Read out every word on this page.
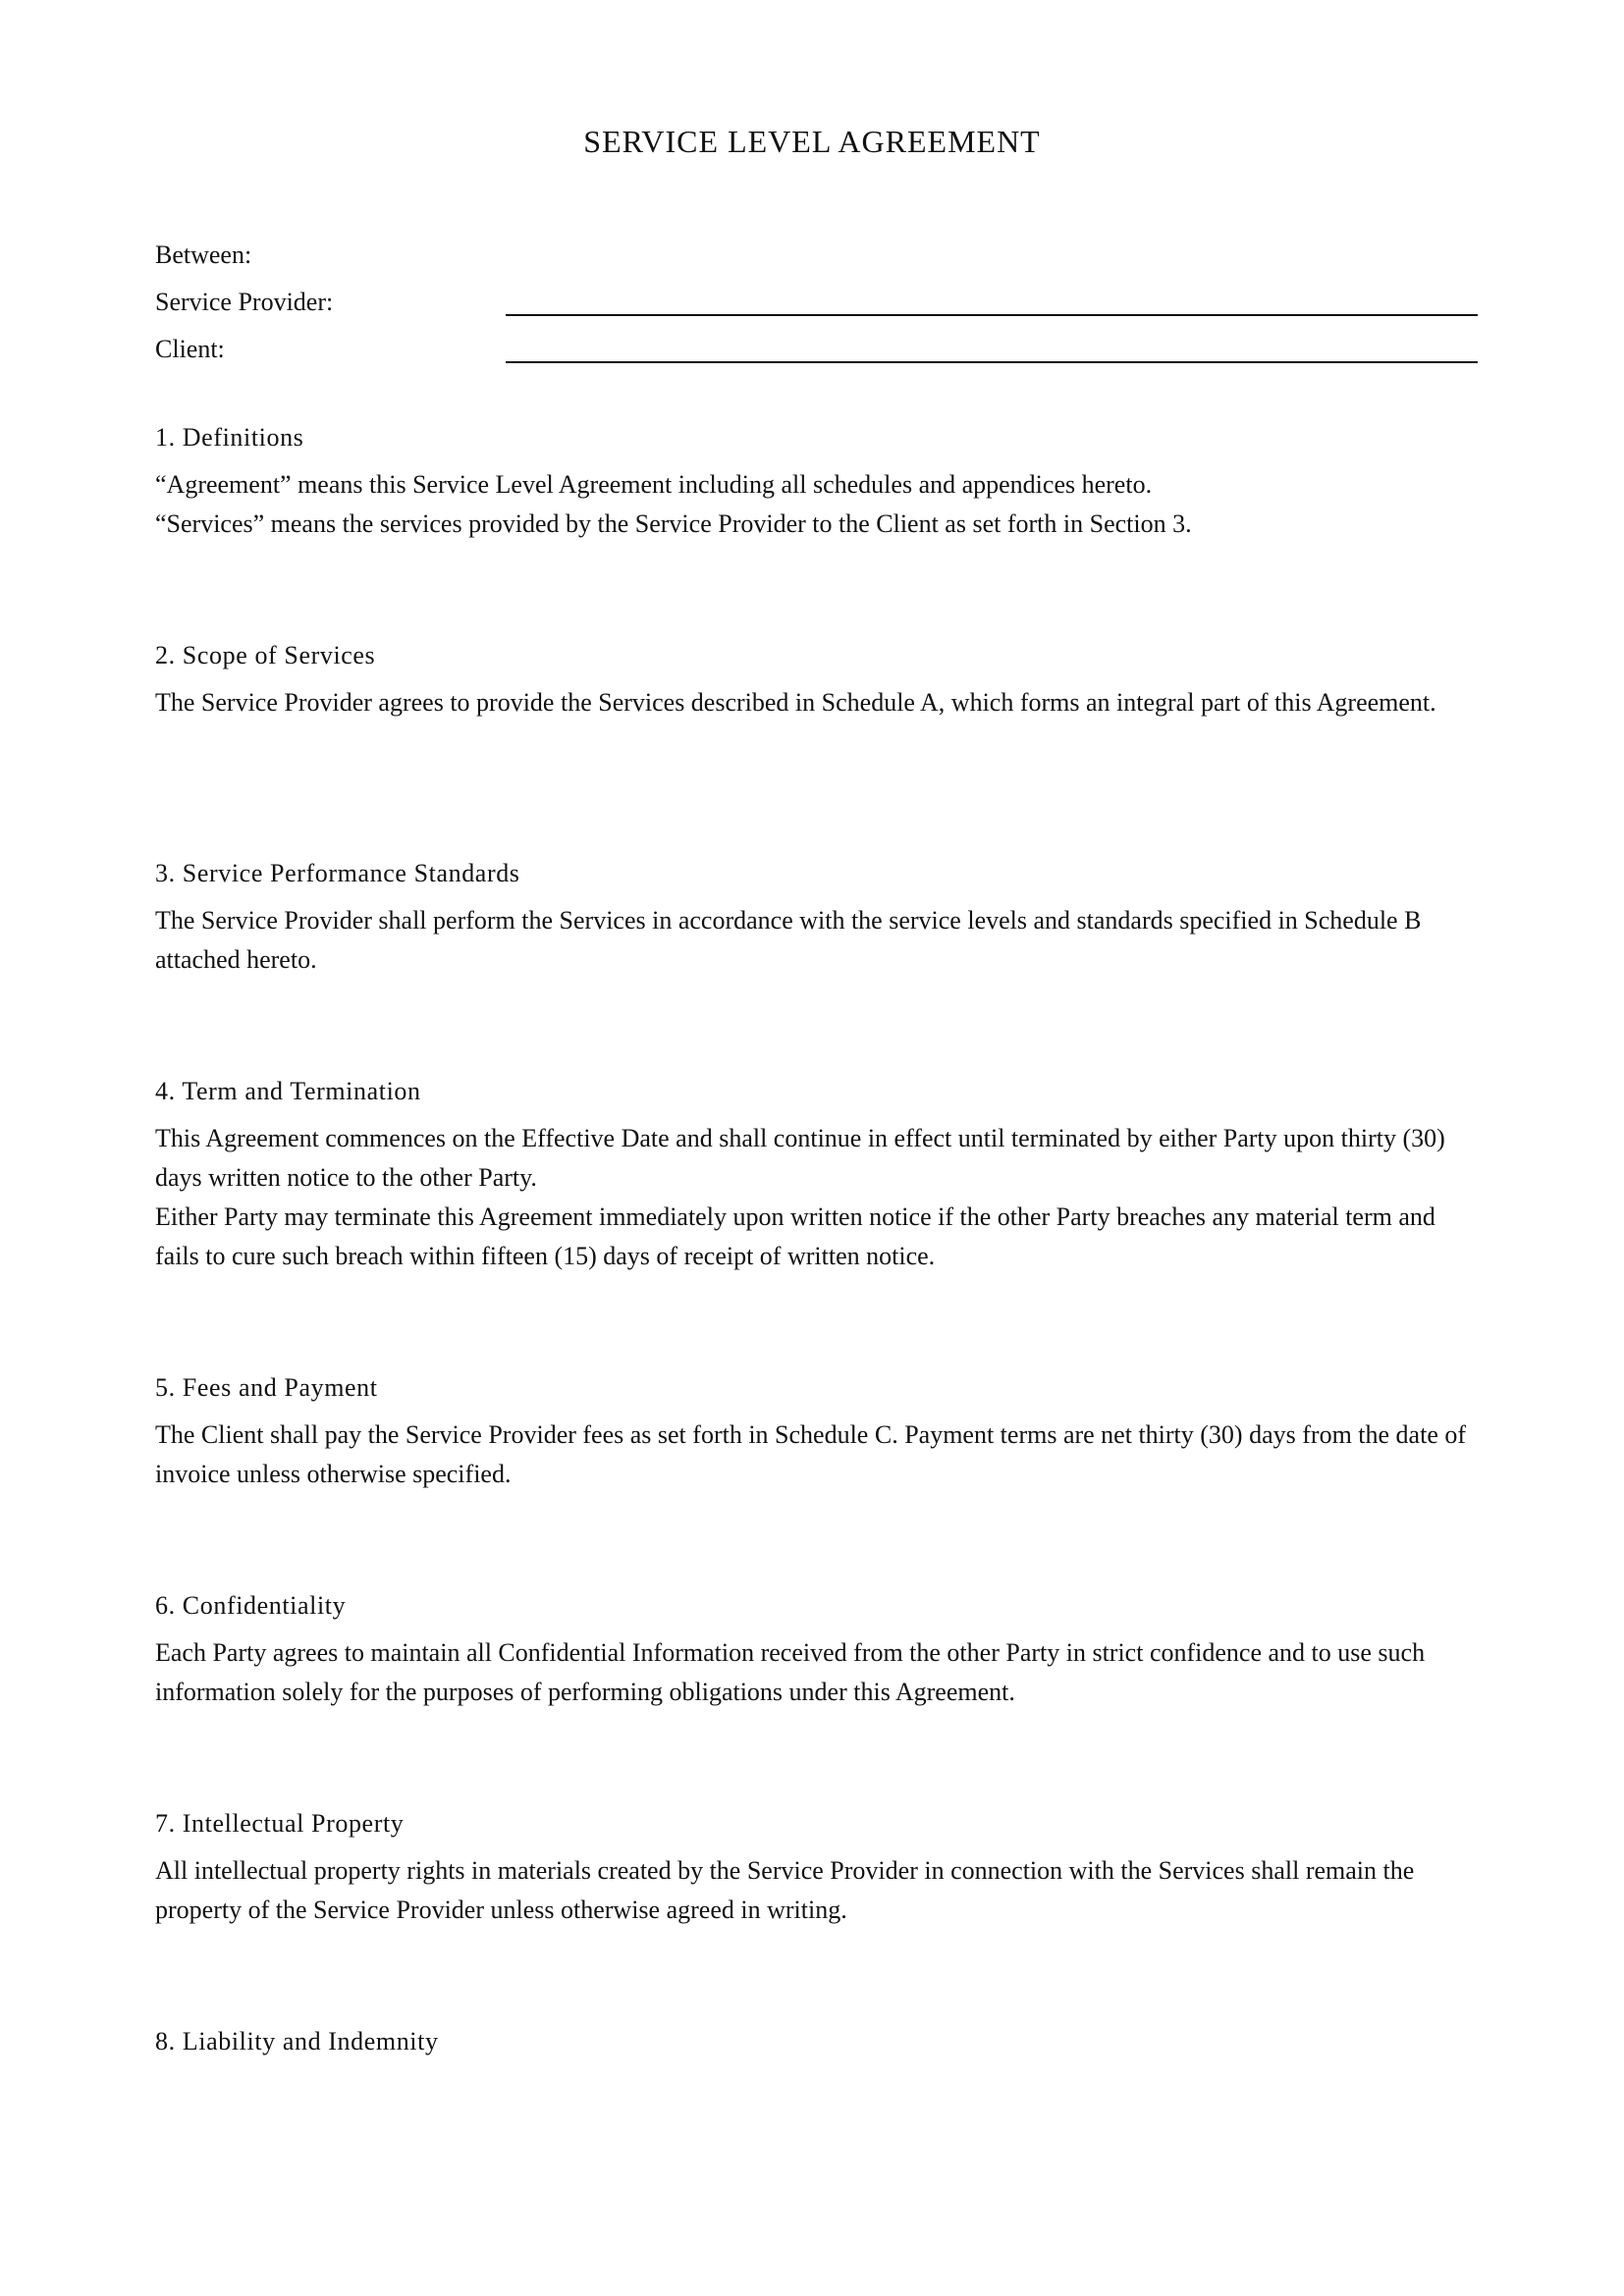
SERVICE LEVEL AGREEMENT
Between:
Service Provider:
Client:
1. Definitions

“Agreement” means this Service Level Agreement including all schedules and appendices hereto.

“Services” means the services provided by the Service Provider to the Client as set forth in Section 3.

2. Scope of Services

The Service Provider agrees to provide the Services described in Schedule A, which forms an integral part of this Agreement.

3. Service Performance Standards

The Service Provider shall perform the Services in accordance with the service levels and standards specified in Schedule B attached hereto.

4. Term and Termination

This Agreement commences on the Effective Date and shall continue in effect until terminated by either Party upon thirty (30) days written notice to the other Party.

Either Party may terminate this Agreement immediately upon written notice if the other Party breaches any material term and fails to cure such breach within fifteen (15) days of receipt of written notice.

5. Fees and Payment

The Client shall pay the Service Provider fees as set forth in Schedule C. Payment terms are net thirty (30) days from the date of invoice unless otherwise specified.

6. Confidentiality

Each Party agrees to maintain all Confidential Information received from the other Party in strict confidence and to use such information solely for the purposes of performing obligations under this Agreement.

7. Intellectual Property

All intellectual property rights in materials created by the Service Provider in connection with the Services shall remain the property of the Service Provider unless otherwise agreed in writing.

8. Liability and Indemnity
